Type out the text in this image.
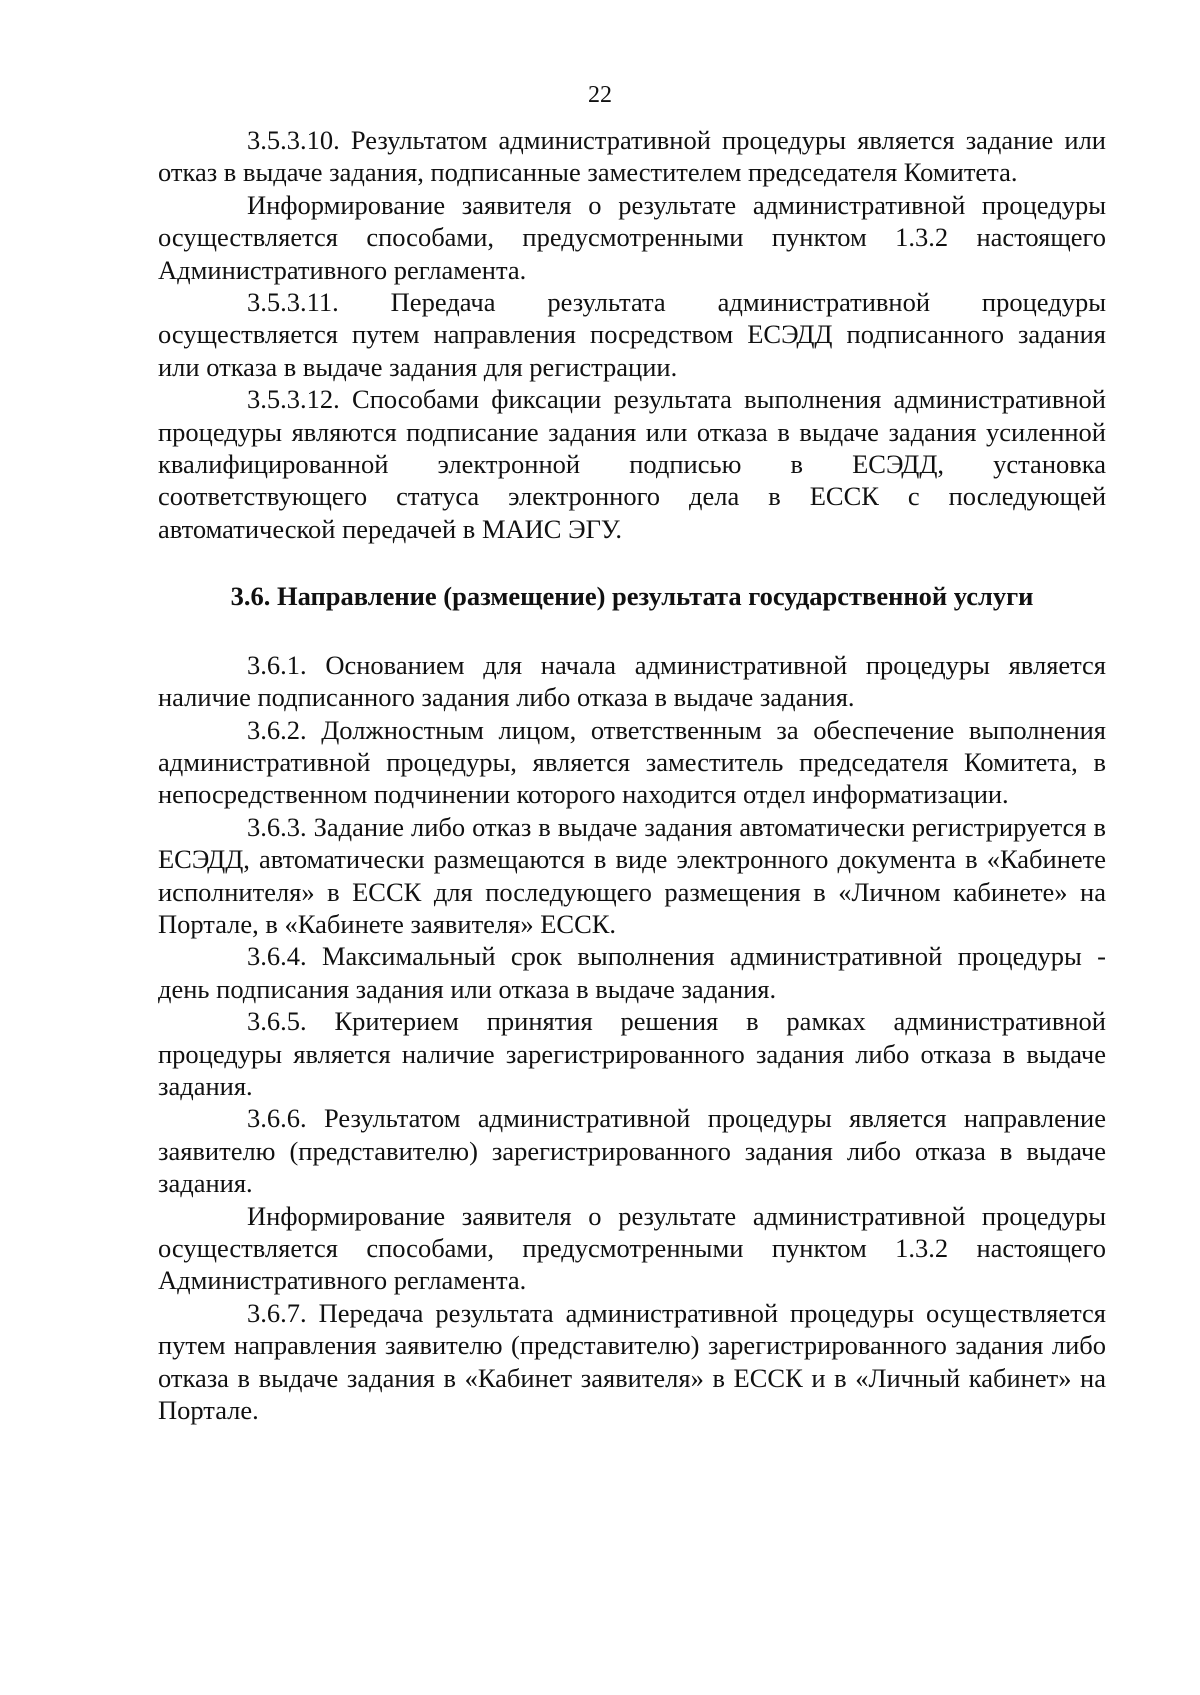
22

3.5.3.10. Результатом административной процедуры является задание или отказ в выдаче задания, подписанные заместителем председателя Комитета.

Информирование заявителя о результате административной процедуры осуществляется способами, предусмотренными пунктом 1.3.2 настоящего Административного регламента.

3.5.3.11. Передача результата административной процедуры осуществляется путем направления посредством ЕСЭДД подписанного задания или отказа в выдаче задания для регистрации.

3.5.3.12. Способами фиксации результата выполнения административной процедуры являются подписание задания или отказа в выдаче задания усиленной квалифицированной электронной подписью в ЕСЭДД, установка соответствующего статуса электронного дела в ЕССК с последующей автоматической передачей в МАИС ЭГУ.

3.6. Направление (размещение) результата государственной услуги

3.6.1. Основанием для начала административной процедуры является наличие подписанного задания либо отказа в выдаче задания.

3.6.2. Должностным лицом, ответственным за обеспечение выполнения административной процедуры, является заместитель председателя Комитета, в непосредственном подчинении которого находится отдел информатизации.

3.6.3. Задание либо отказ в выдаче задания автоматически регистрируется в ЕСЭДД, автоматически размещаются в виде электронного документа в «Кабинете исполнителя» в ЕССК для последующего размещения в «Личном кабинете» на Портале, в «Кабинете заявителя» ЕССК.

3.6.4. Максимальный срок выполнения административной процедуры - день подписания задания или отказа в выдаче задания.

3.6.5. Критерием принятия решения в рамках административной процедуры является наличие зарегистрированного задания либо отказа в выдаче задания.

3.6.6. Результатом административной процедуры является направление заявителю (представителю) зарегистрированного задания либо отказа в выдаче задания.

Информирование заявителя о результате административной процедуры осуществляется способами, предусмотренными пунктом 1.3.2 настоящего Административного регламента.

3.6.7. Передача результата административной процедуры осуществляется путем направления заявителю (представителю) зарегистрированного задания либо отказа в выдаче задания в «Кабинет заявителя» в ЕССК и в «Личный кабинет» на Портале.
